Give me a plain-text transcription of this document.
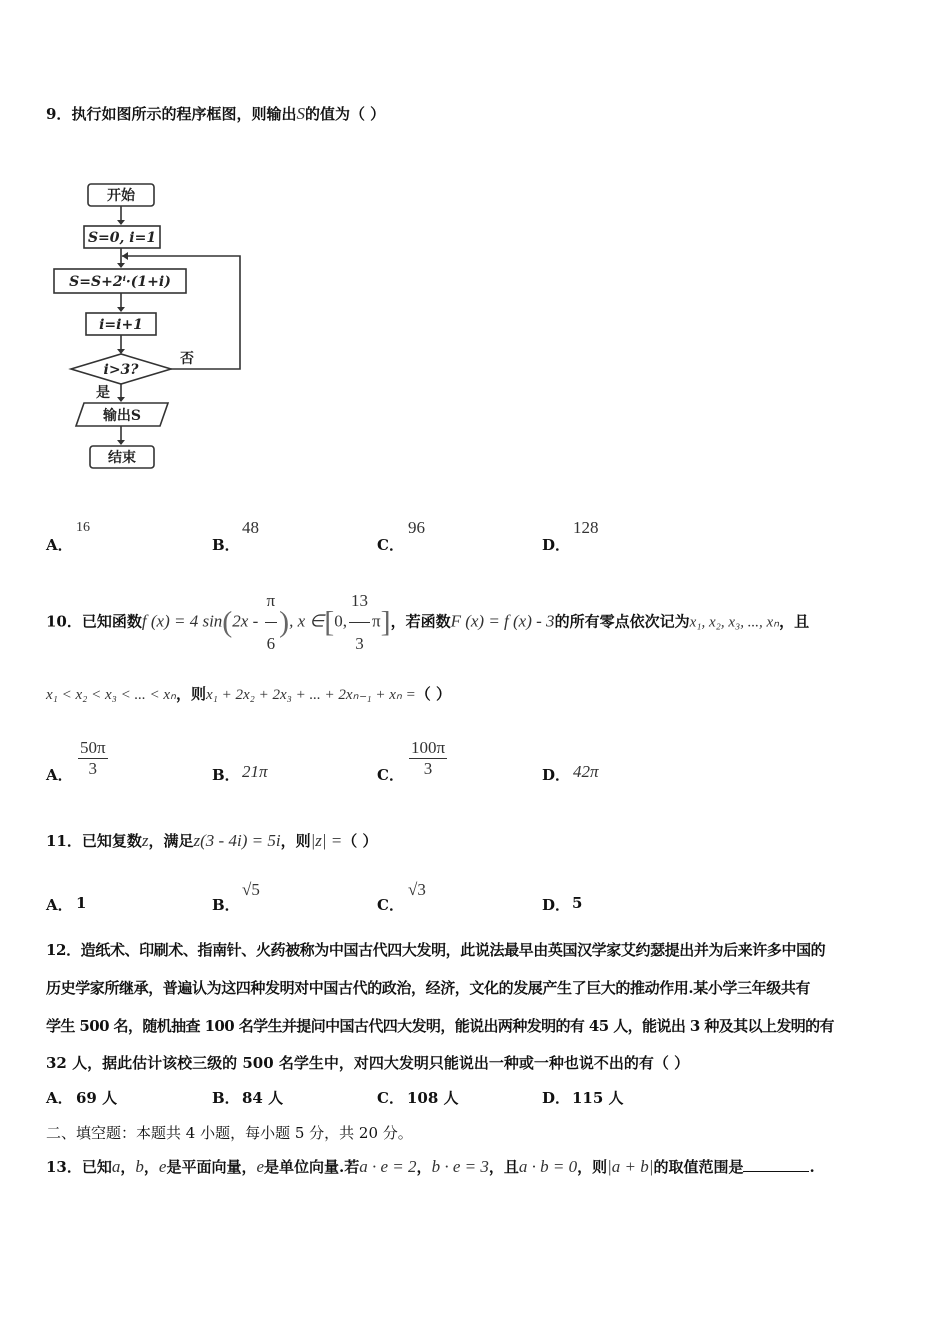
9．执行如图所示的程序框图，则输出S的值为（ ）
开始
S=0, i=1
S=S+2ⁱ·(1+i)
i=i+1
i>3?
否
是
输出S
结束
A．
16
B．
48
C．
96
D．
128
10．已知函数f (x) = 4 $\sin(2x - \frac{\pi}{6}$ ), x ∈[0, $\frac{13}{3} \pi$]，若函数F (x) = f (x) - 3的所有零点依次记为x₁, x₂, x₃, ..., xₙ，且
x₁ < x₂ < x₃ < ... < xₙ，则x₁ + 2x₂ + 2x₃ + ... + 2xₙ₋₁ + xₙ =（ ）
A． $\frac{50\pi}{3}$	B． 21π	C． $\frac{100\pi}{3}$	D． 42π
11．已知复数z，满足z(3 - 4i) = 5i，则|z| =（ ）
A． 1	B．
√5
C．
√3
D． 5
12．造纸术、印刷术、指南针、火药被称为中国古代四大发明，此说法最早由英国汉学家艾约瑟提出并为后来许多中国的
历史学家所继承，普遍认为这四种发明对中国古代的政治，经济，文化的发展产生了巨大的推动作用.某小学三年级共有
学生 500 名，随机抽查 100 名学生并提问中国古代四大发明，能说出两种发明的有 45 人，能说出 3 种及其以上发明的有
32 人，据此估计该校三级的 500 名学生中，对四大发明只能说出一种或一种也说不出的有（ ）
A． 69 人	B． 84 人	C． 108 人	D． 115 人
二、填空题：本题共 4 小题，每小题 5 分，共 20 分。
13．已知a，b，e是平面向量，e是单位向量.若a · e = 2，b · e = 3，且a · b = 0，则|a + b|的取值范围是	.
